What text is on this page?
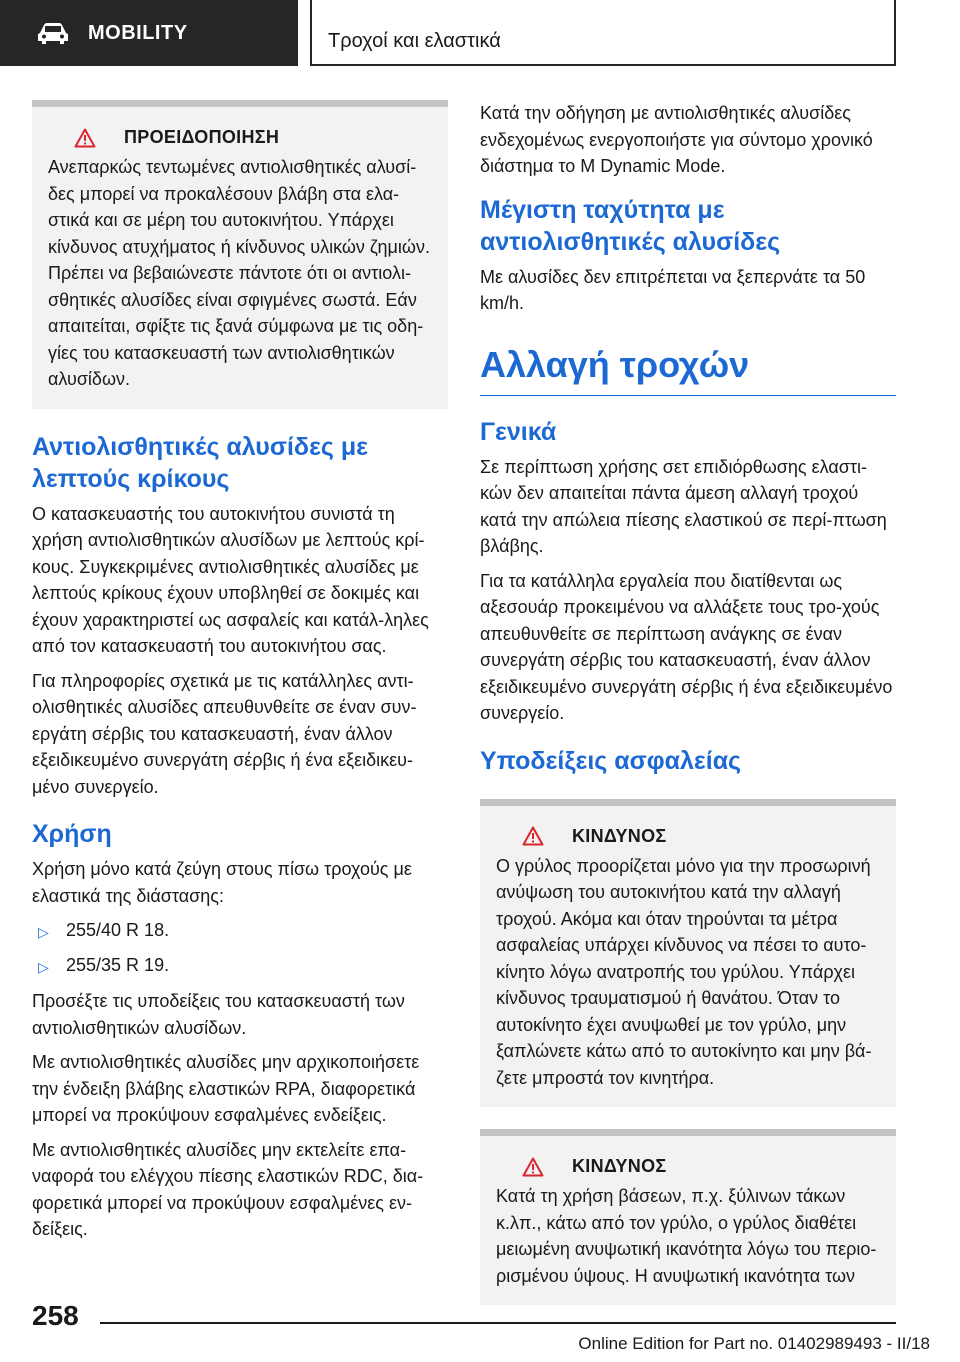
MOBILITY	Τροχοί και ελαστικά
ΠΡΟΕΙΔΟΠΟΙΗΣΗ

Ανεπαρκώς τεντωμένες αντιολισθητικές αλυσί-δες μπορεί να προκαλέσουν βλάβη στα ελα-στικά και σε μέρη του αυτοκινήτου. Υπάρχει κίνδυνος ατυχήματος ή κίνδυνος υλικών ζημιών. Πρέπει να βεβαιώνεστε πάντοτε ότι οι αντιολι-σθητικές αλυσίδες είναι σφιγμένες σωστά. Εάν απαιτείται, σφίξτε τις ξανά σύμφωνα με τις οδη-γίες του κατασκευαστή των αντιολισθητικών αλυσίδων.

Αντιολισθητικές αλυσίδες με λεπτούς κρίκους

Ο κατασκευαστής του αυτοκινήτου συνιστά τη χρήση αντιολισθητικών αλυσίδων με λεπτούς κρί-κους. Συγκεκριμένες αντιολισθητικές αλυσίδες με λεπτούς κρίκους έχουν υποβληθεί σε δοκιμές και έχουν χαρακτηριστεί ως ασφαλείς και κατάλ-ληλες από τον κατασκευαστή του αυτοκινήτου σας.

Για πληροφορίες σχετικά με τις κατάλληλες αντι-ολισθητικές αλυσίδες απευθυνθείτε σε έναν συν-εργάτη σέρβις του κατασκευαστή, έναν άλλον εξειδικευμένο συνεργάτη σέρβις ή ένα εξειδικευ-μένο συνεργείο.

Χρήση

Χρήση μόνο κατά ζεύγη στους πίσω τροχούς με ελαστικά της διάστασης:

▷ 255/40 R 18.
▷ 255/35 R 19.

Προσέξτε τις υποδείξεις του κατασκευαστή των αντιολισθητικών αλυσίδων.

Με αντιολισθητικές αλυσίδες μην αρχικοποιήσετε την ένδειξη βλάβης ελαστικών RPA, διαφορετικά μπορεί να προκύψουν εσφαλμένες ενδείξεις.

Με αντιολισθητικές αλυσίδες μην εκτελείτε επα-ναφορά του ελέγχου πίεσης ελαστικών RDC, δια-φορετικά μπορεί να προκύψουν εσφαλμένες εν-δείξεις.

Κατά την οδήγηση με αντιολισθητικές αλυσίδες ενδεχομένως ενεργοποιήστε για σύντομο χρονικό διάστημα το M Dynamic Mode.

Μέγιστη ταχύτητα με αντιολισθητικές αλυσίδες

Με αλυσίδες δεν επιτρέπεται να ξεπερνάτε τα 50 km/h.

Αλλαγή τροχών
Γενικά

Σε περίπτωση χρήσης σετ επιδιόρθωσης ελαστι-κών δεν απαιτείται πάντα άμεση αλλαγή τροχού κατά την απώλεια πίεσης ελαστικού σε περί-πτωση βλάβης.

Για τα κατάλληλα εργαλεία που διατίθενται ως αξεσουάρ προκειμένου να αλλάξετε τους τρο-χούς απευθυνθείτε σε περίπτωση ανάγκης σε έναν συνεργάτη σέρβις του κατασκευαστή, έναν άλλον εξειδικευμένο συνεργάτη σέρβις ή ένα εξειδικευμένο συνεργείο.

Υποδείξεις ασφαλείας
ΚΙΝΔΥΝΟΣ

Ο γρύλος προορίζεται μόνο για την προσωρινή ανύψωση του αυτοκινήτου κατά την αλλαγή τροχού. Ακόμα και όταν τηρούνται τα μέτρα ασφαλείας υπάρχει κίνδυνος να πέσει το αυτο-κίνητο λόγω ανατροπής του γρύλου. Υπάρχει κίνδυνος τραυματισμού ή θανάτου. Όταν το αυτοκίνητο έχει ανυψωθεί με τον γρύλο, μην ξαπλώνετε κάτω από το αυτοκίνητο και μην βά-ζετε μπροστά τον κινητήρα.

ΚΙΝΔΥΝΟΣ

Κατά τη χρήση βάσεων, π.χ. ξύλινων τάκων κ.λπ., κάτω από τον γρύλο, ο γρύλος διαθέτει μειωμένη ανυψωτική ικανότητα λόγω του περιο-ρισμένου ύψους. Η ανυψωτική ικανότητα των

258
Online Edition for Part no. 01402989493 - II/18
